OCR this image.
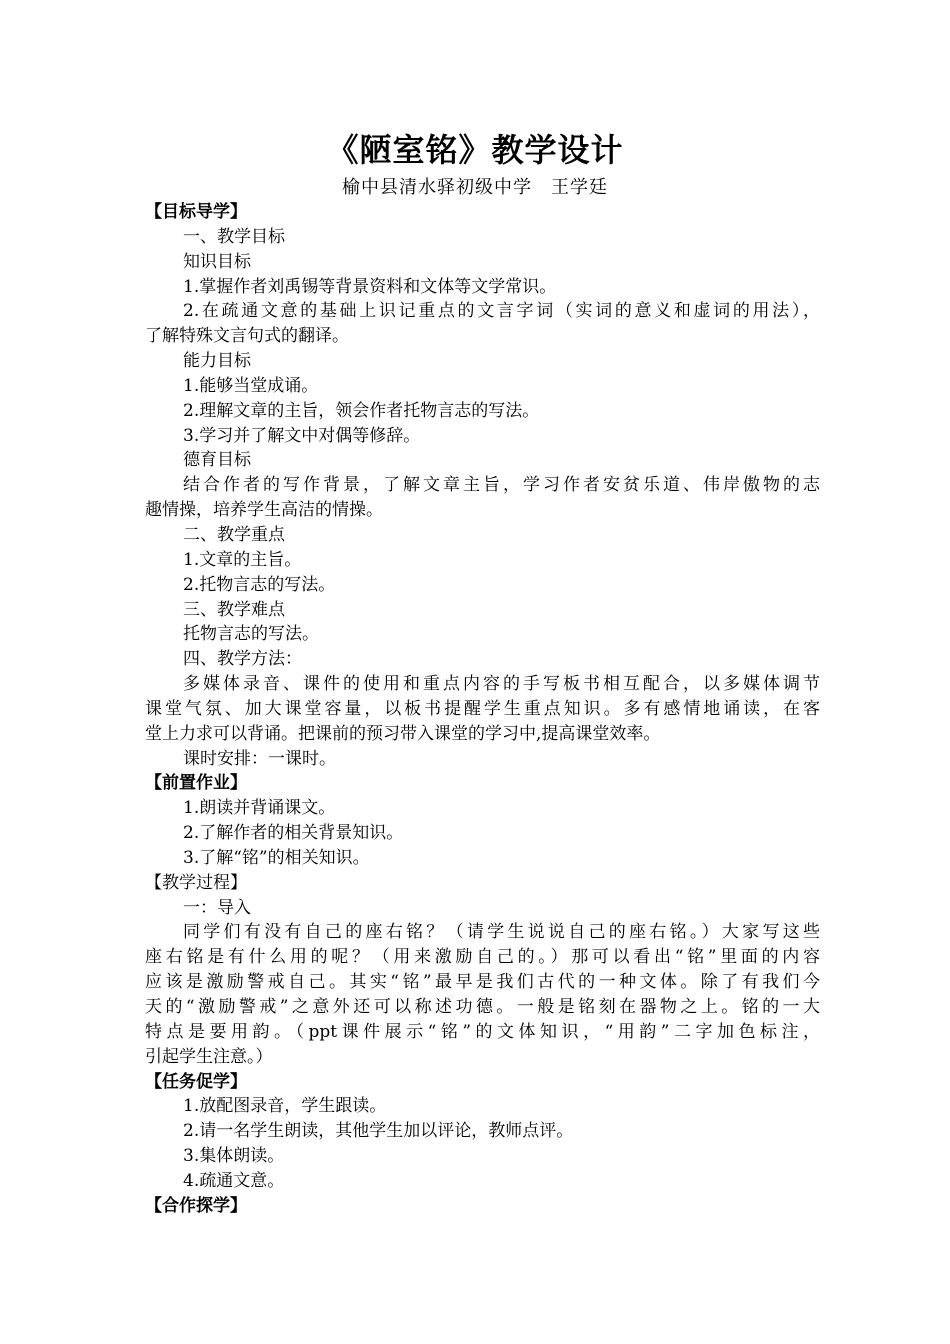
《陋室铭》教学设计
榆中县清水驿初级中学　王学廷
【目标导学】
一、教学目标
知识目标
1.掌握作者刘禹锡等背景资料和文体等文学常识。
2.在疏通文意的基础上识记重点的文言字词（实词的意义和虚词的用法），
了解特殊文言句式的翻译。
能力目标
1.能够当堂成诵。
2.理解文章的主旨，领会作者托物言志的写法。
3.学习并了解文中对偶等修辞。
德育目标
结合作者的写作背景，了解文章主旨，学习作者安贫乐道、伟岸傲物的志
趣情操，培养学生高洁的情操。
二、教学重点
1.文章的主旨。
2.托物言志的写法。
三、教学难点
托物言志的写法。
四、教学方法：
多媒体录音、课件的使用和重点内容的手写板书相互配合，以多媒体调节
课堂气氛、加大课堂容量，以板书提醒学生重点知识。多有感情地诵读，在客
堂上力求可以背诵。把课前的预习带入课堂的学习中,提高课堂效率。
课时安排：一课时。
【前置作业】
1.朗读并背诵课文。
2.了解作者的相关背景知识。
3.了解“铭”的相关知识。
【教学过程】
一：导入
同学们有没有自己的座右铭？（请学生说说自己的座右铭。）大家写这些
座右铭是有什么用的呢？（用来激励自己的。）那可以看出“铭”里面的内容
应该是激励警戒自己。其实“铭”最早是我们古代的一种文体。除了有我们今
天的“激励警戒”之意外还可以称述功德。一般是铭刻在器物之上。铭的一大
特点是要用韵。（ppt课件展示“铭”的文体知识，“用韵”二字加色标注，
引起学生注意。）
【任务促学】
1.放配图录音，学生跟读。
2.请一名学生朗读，其他学生加以评论，教师点评。
3.集体朗读。
4.疏通文意。
【合作探学】
